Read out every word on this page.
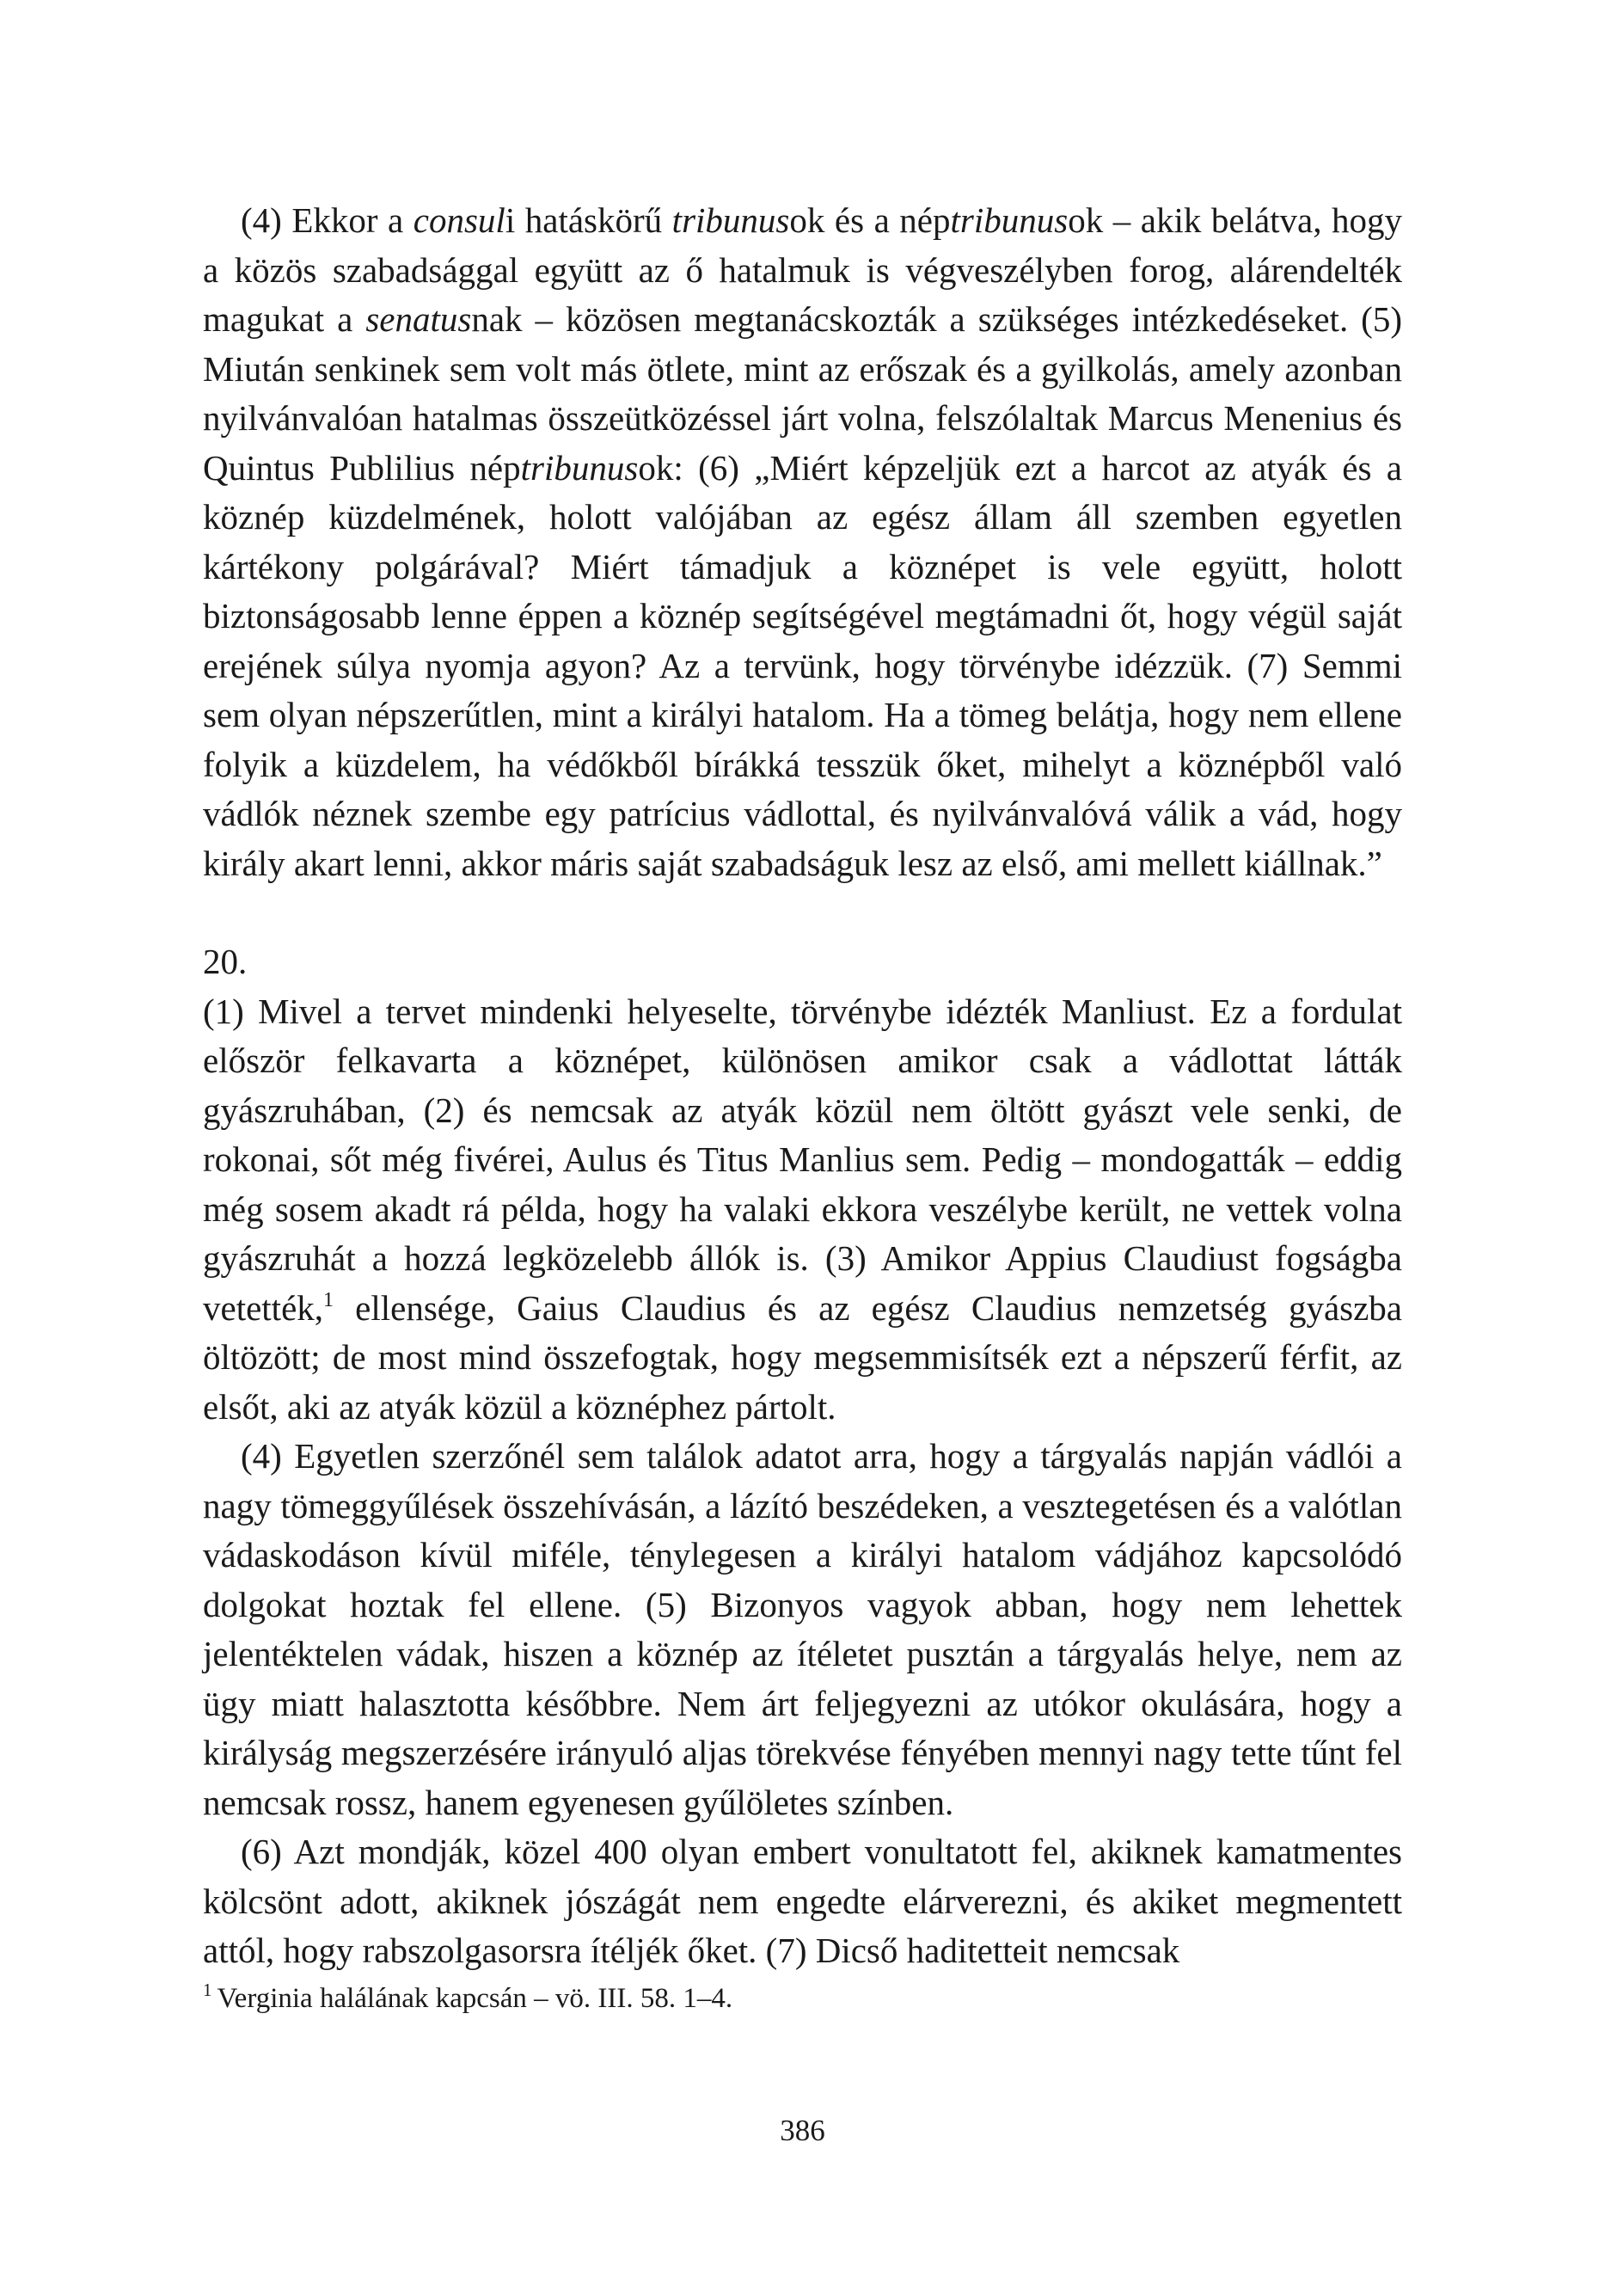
(4) Ekkor a consuli hatáskörű tribunusok és a néptribunusok – akik belátva, hogy a közös szabadsággal együtt az ő hatalmuk is végveszélyben forog, alárendelték magukat a senatusnak – közösen megtanácskozták a szükséges intézkedéseket. (5) Miután senkinek sem volt más ötlete, mint az erőszak és a gyilkolás, amely azonban nyilvánvalóan hatalmas összeütközéssel járt volna, felszólaltak Marcus Menenius és Quintus Publilius néptribunusok: (6) „Miért képzeljük ezt a harcot az atyák és a köznép küzdelmének, holott valójában az egész állam áll szemben egyetlen kártékony polgárával? Miért támadjuk a köznépet is vele együtt, holott biztonságosabb lenne éppen a köznép segítségével megtámadni őt, hogy végül saját erejének súlya nyomja agyon? Az a tervünk, hogy törvénybe idézzük. (7) Semmi sem olyan népszerűtlen, mint a királyi hatalom. Ha a tömeg belátja, hogy nem ellene folyik a küzdelem, ha védőkből bírákká tesszük őket, mihelyt a köznépből való vádlók néznek szembe egy patrícius vádlottal, és nyilvánvalóvá válik a vád, hogy király akart lenni, akkor máris saját szabadságuk lesz az első, ami mellett kiállnak.”

20.

(1) Mivel a tervet mindenki helyeselte, törvénybe idézték Manliust. Ez a fordulat először felkavarta a köznépet, különösen amikor csak a vádlottat látták gyászruhában, (2) és nemcsak az atyák közül nem öltött gyászt vele senki, de rokonai, sőt még fivérei, Aulus és Titus Manlius sem. Pedig – mondogatták – eddig még sosem akadt rá példa, hogy ha valaki ekkora veszélybe került, ne vettek volna gyászruhát a hozzá legközelebb állók is. (3) Amikor Appius Claudiust fogságba vetették,$^1$ ellensége, Gaius Claudius és az egész Claudius nemzetség gyászba öltözött; de most mind összefogtak, hogy megsemmisítsék ezt a népszerű férfit, az elsőt, aki az atyák közül a köznéphez pártolt.

(4) Egyetlen szerzőnél sem találok adatot arra, hogy a tárgyalás napján vádlói a nagy tömeggyűlések összehívásán, a lázító beszédeken, a vesztegetésen és a valótlan vádaskodáson kívül miféle, ténylegesen a királyi hatalom vádjához kapcsolódó dolgokat hoztak fel ellene. (5) Bizonyos vagyok abban, hogy nem lehettek jelentéktelen vádak, hiszen a köznép az ítéletet pusztán a tárgyalás helye, nem az ügy miatt halasztotta későbbre. Nem árt feljegyezni az utókor okulására, hogy a királyság megszerzésére irányuló aljas törekvése fényében mennyi nagy tette tűnt fel nemcsak rossz, hanem egyenesen gyűlöletes színben.

(6) Azt mondják, közel 400 olyan embert vonultatott fel, akiknek kamatmentes kölcsönt adott, akiknek jószágát nem engedte elárverezni, és akiket megmentett attól, hogy rabszolgasorsra ítéljék őket. (7) Dicső haditetteit nemcsak

$^1$ Verginia halálának kapcsán – vö. III. 58. 1–4.

386
